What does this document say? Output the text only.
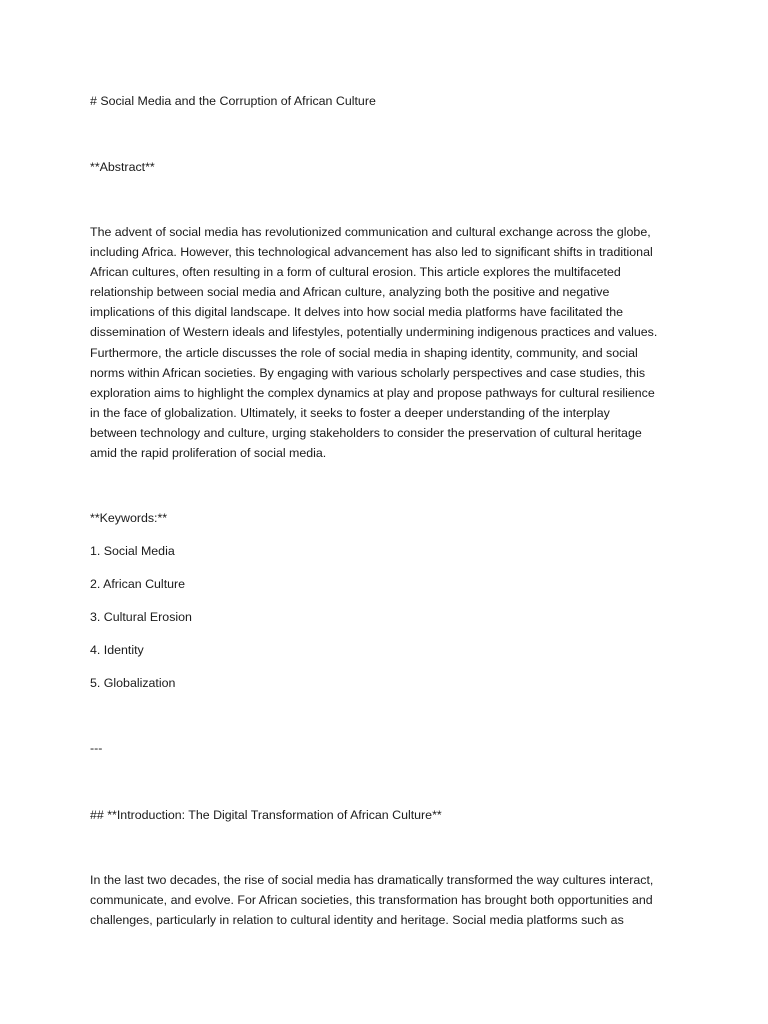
# Social Media and the Corruption of African Culture

**Abstract**

The advent of social media has revolutionized communication and cultural exchange across the globe,
including Africa. However, this technological advancement has also led to significant shifts in traditional
African cultures, often resulting in a form of cultural erosion. This article explores the multifaceted
relationship between social media and African culture, analyzing both the positive and negative
implications of this digital landscape. It delves into how social media platforms have facilitated the
dissemination of Western ideals and lifestyles, potentially undermining indigenous practices and values.
Furthermore, the article discusses the role of social media in shaping identity, community, and social
norms within African societies. By engaging with various scholarly perspectives and case studies, this
exploration aims to highlight the complex dynamics at play and propose pathways for cultural resilience
in the face of globalization. Ultimately, it seeks to foster a deeper understanding of the interplay
between technology and culture, urging stakeholders to consider the preservation of cultural heritage
amid the rapid proliferation of social media.

**Keywords:**

1. Social Media

2. African Culture

3. Cultural Erosion

4. Identity

5. Globalization

---

## **Introduction: The Digital Transformation of African Culture**

In the last two decades, the rise of social media has dramatically transformed the way cultures interact,
communicate, and evolve. For African societies, this transformation has brought both opportunities and
challenges, particularly in relation to cultural identity and heritage. Social media platforms such as
